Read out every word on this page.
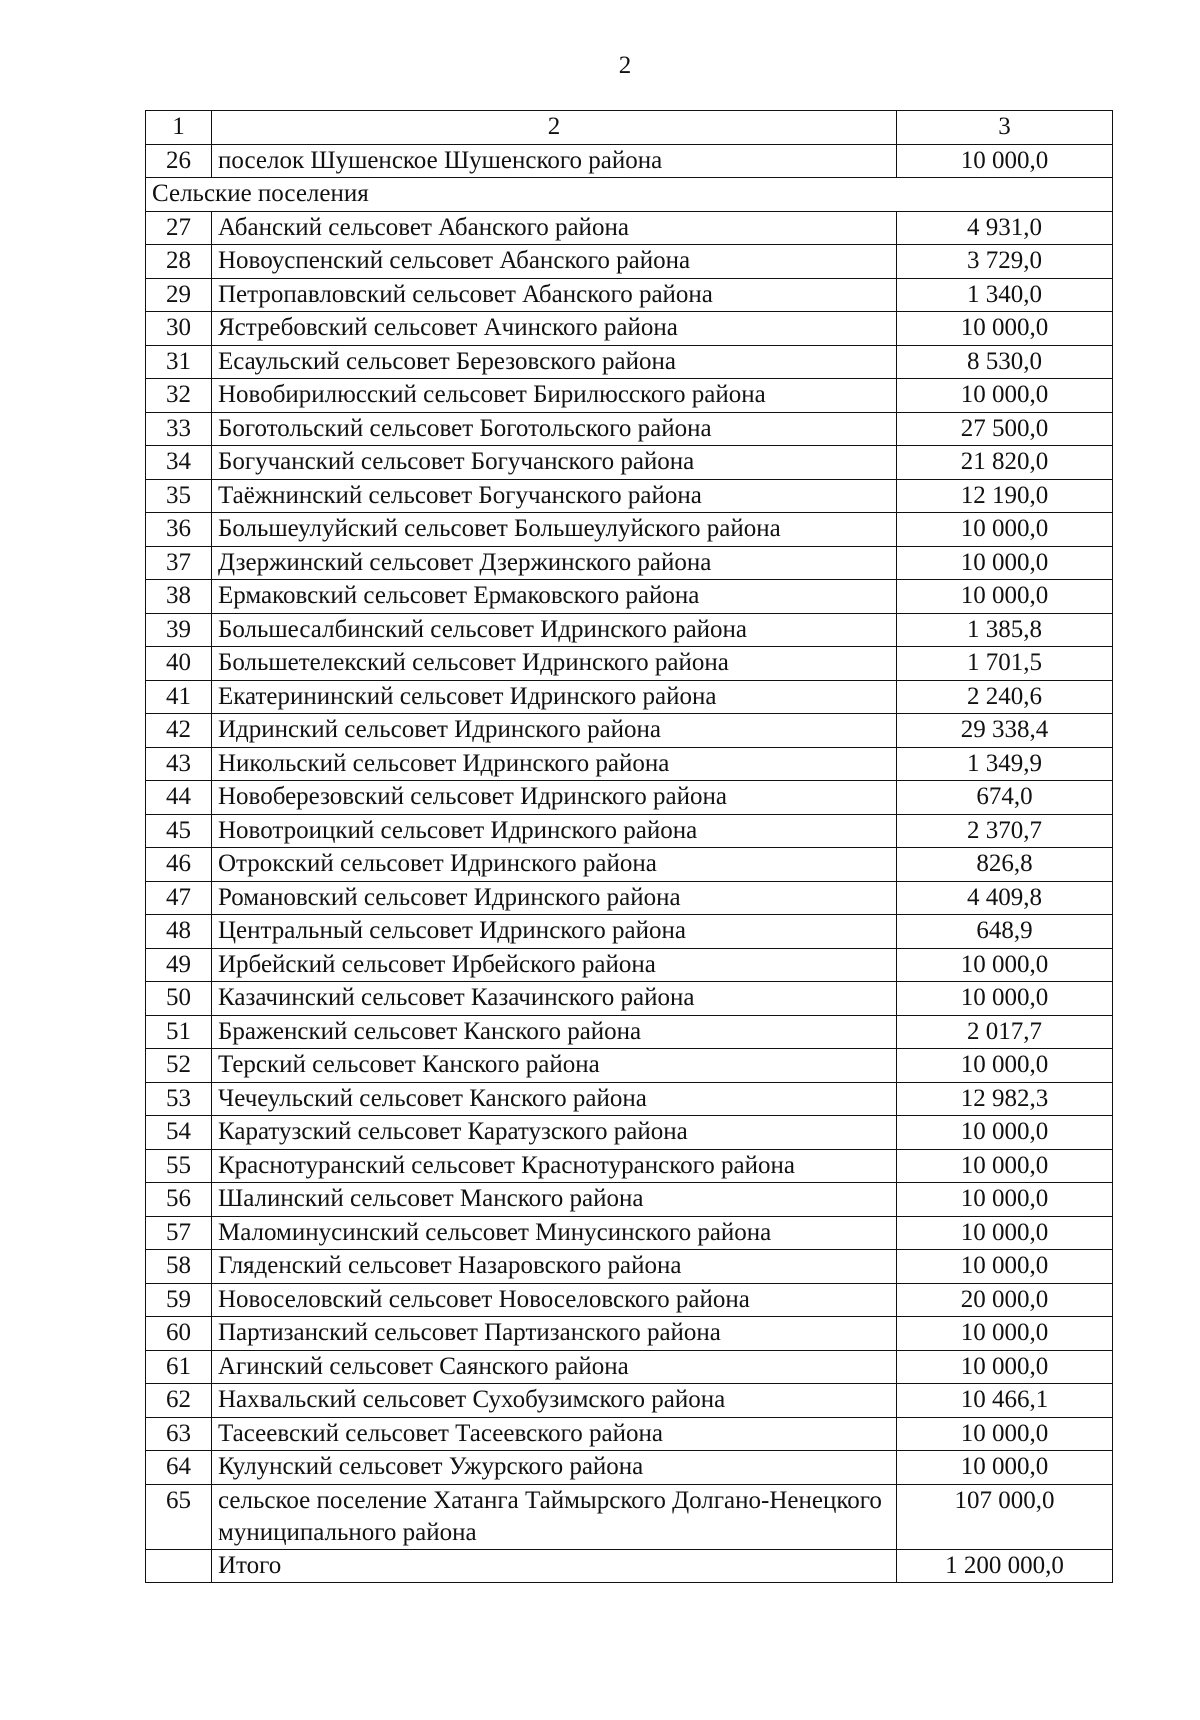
2
1	2	3
26	поселок Шушенское Шушенского района	10 000,0
Сельские поселения		
27	Абанский сельсовет Абанского района	4 931,0
28	Новоуспенский сельсовет Абанского района	3 729,0
29	Петропавловский сельсовет Абанского района	1 340,0
30	Ястребовский сельсовет Ачинского района	10 000,0
31	Есаульский сельсовет Березовского района	8 530,0
32	Новобирилюсский сельсовет Бирилюсского района	10 000,0
33	Боготольский сельсовет Боготольского района	27 500,0
34	Богучанский сельсовет Богучанского района	21 820,0
35	Таёжнинский сельсовет Богучанского района	12 190,0
36	Большеулуйский сельсовет Большеулуйского района	10 000,0
37	Дзержинский сельсовет Дзержинского района	10 000,0
38	Ермаковский сельсовет Ермаковского района	10 000,0
39	Большесалбинский сельсовет Идринского района	1 385,8
40	Большетелекский сельсовет Идринского района	1 701,5
41	Екатерининский сельсовет Идринского района	2 240,6
42	Идринский сельсовет Идринского района	29 338,4
43	Никольский сельсовет Идринского района	1 349,9
44	Новоберезовский сельсовет Идринского района	674,0
45	Новотроицкий сельсовет Идринского района	2 370,7
46	Отрокский сельсовет Идринского района	826,8
47	Романовский сельсовет Идринского района	4 409,8
48	Центральный сельсовет Идринского района	648,9
49	Ирбейский сельсовет Ирбейского района	10 000,0
50	Казачинский сельсовет Казачинского района	10 000,0
51	Браженский сельсовет Канского района	2 017,7
52	Терский сельсовет Канского района	10 000,0
53	Чечеульский сельсовет Канского района	12 982,3
54	Каратузский сельсовет Каратузского района	10 000,0
55	Краснотуранский сельсовет Краснотуранского района	10 000,0
56	Шалинский сельсовет Манского района	10 000,0
57	Маломинусинский сельсовет Минусинского района	10 000,0
58	Гляденский сельсовет Назаровского района	10 000,0
59	Новоселовский сельсовет Новоселовского района	20 000,0
60	Партизанский сельсовет Партизанского района	10 000,0
61	Агинский сельсовет Саянского района	10 000,0
62	Нахвальский сельсовет Сухобузимского района	10 466,1
63	Тасеевский сельсовет Тасеевского района	10 000,0
64	Кулунский сельсовет Ужурского района	10 000,0
65	сельское поселение Хатанга Таймырского Долгано-Ненецкого муниципального района	107 000,0
	Итого	1 200 000,0
